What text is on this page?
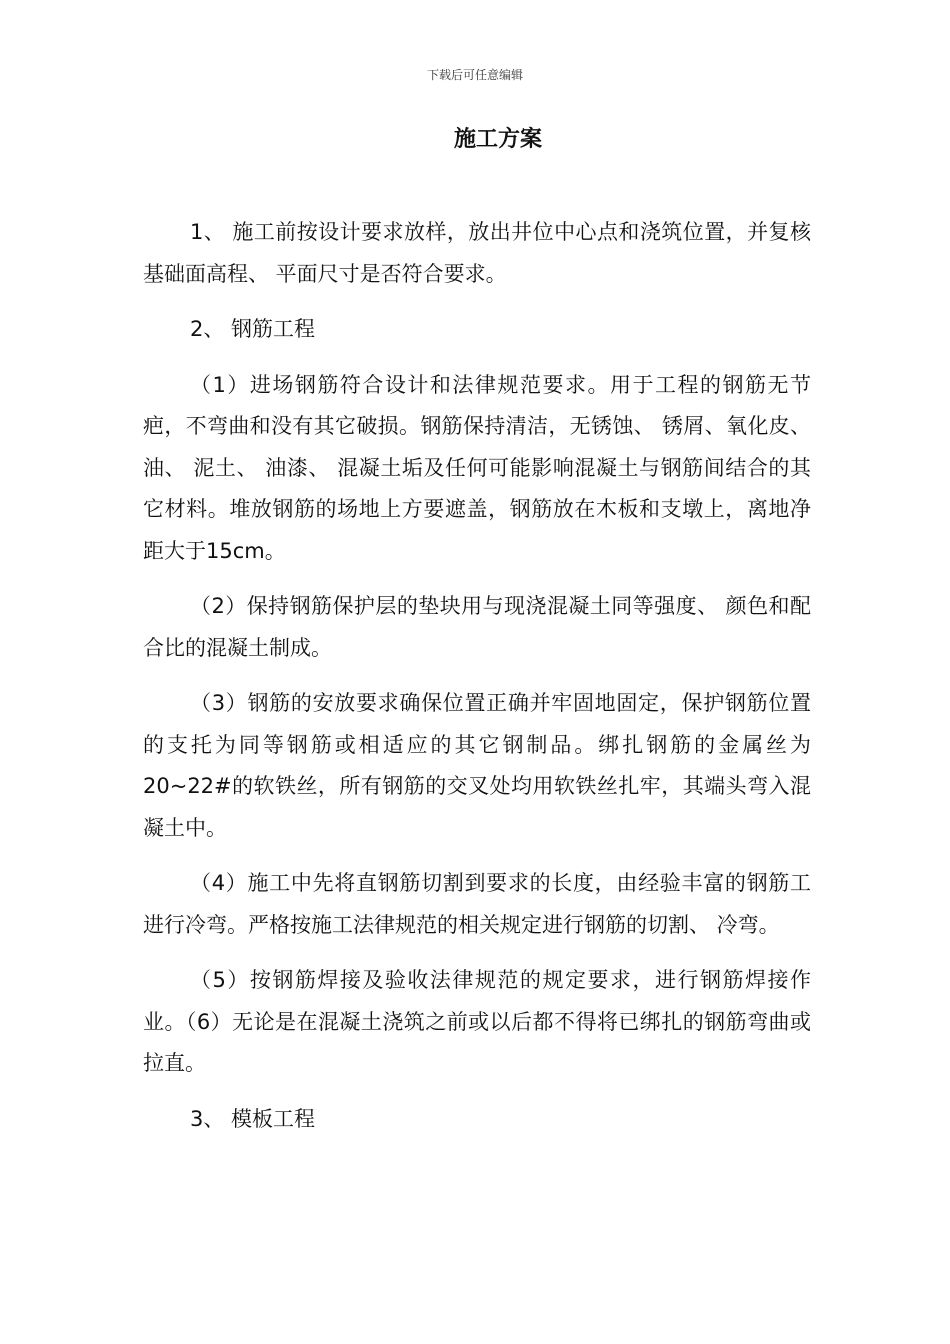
下载后可任意编辑
施工方案

1、 施工前按设计要求放样，放出井位中心点和浇筑位置，并复核基础面高程、 平面尺寸是否符合要求。

2、 钢筋工程

（1）进场钢筋符合设计和法律规范要求。用于工程的钢筋无节疤，不弯曲和没有其它破损。钢筋保持清洁，无锈蚀、 锈屑、氧化皮、 油、 泥土、 油漆、 混凝土垢及任何可能影响混凝土与钢筋间结合的其它材料。堆放钢筋的场地上方要遮盖，钢筋放在木板和支墩上，离地净距大于15cm。

（2）保持钢筋保护层的垫块用与现浇混凝土同等强度、 颜色和配合比的混凝土制成。

（3）钢筋的安放要求确保位置正确并牢固地固定，保护钢筋位置的支托为同等钢筋或相适应的其它钢制品。绑扎钢筋的金属丝为20~22#的软铁丝，所有钢筋的交叉处均用软铁丝扎牢，其端头弯入混凝土中。

（4）施工中先将直钢筋切割到要求的长度，由经验丰富的钢筋工进行冷弯。严格按施工法律规范的相关规定进行钢筋的切割、 冷弯。

（5）按钢筋焊接及验收法律规范的规定要求，进行钢筋焊接作业。（6）无论是在混凝土浇筑之前或以后都不得将已绑扎的钢筋弯曲或拉直。

3、 模板工程
